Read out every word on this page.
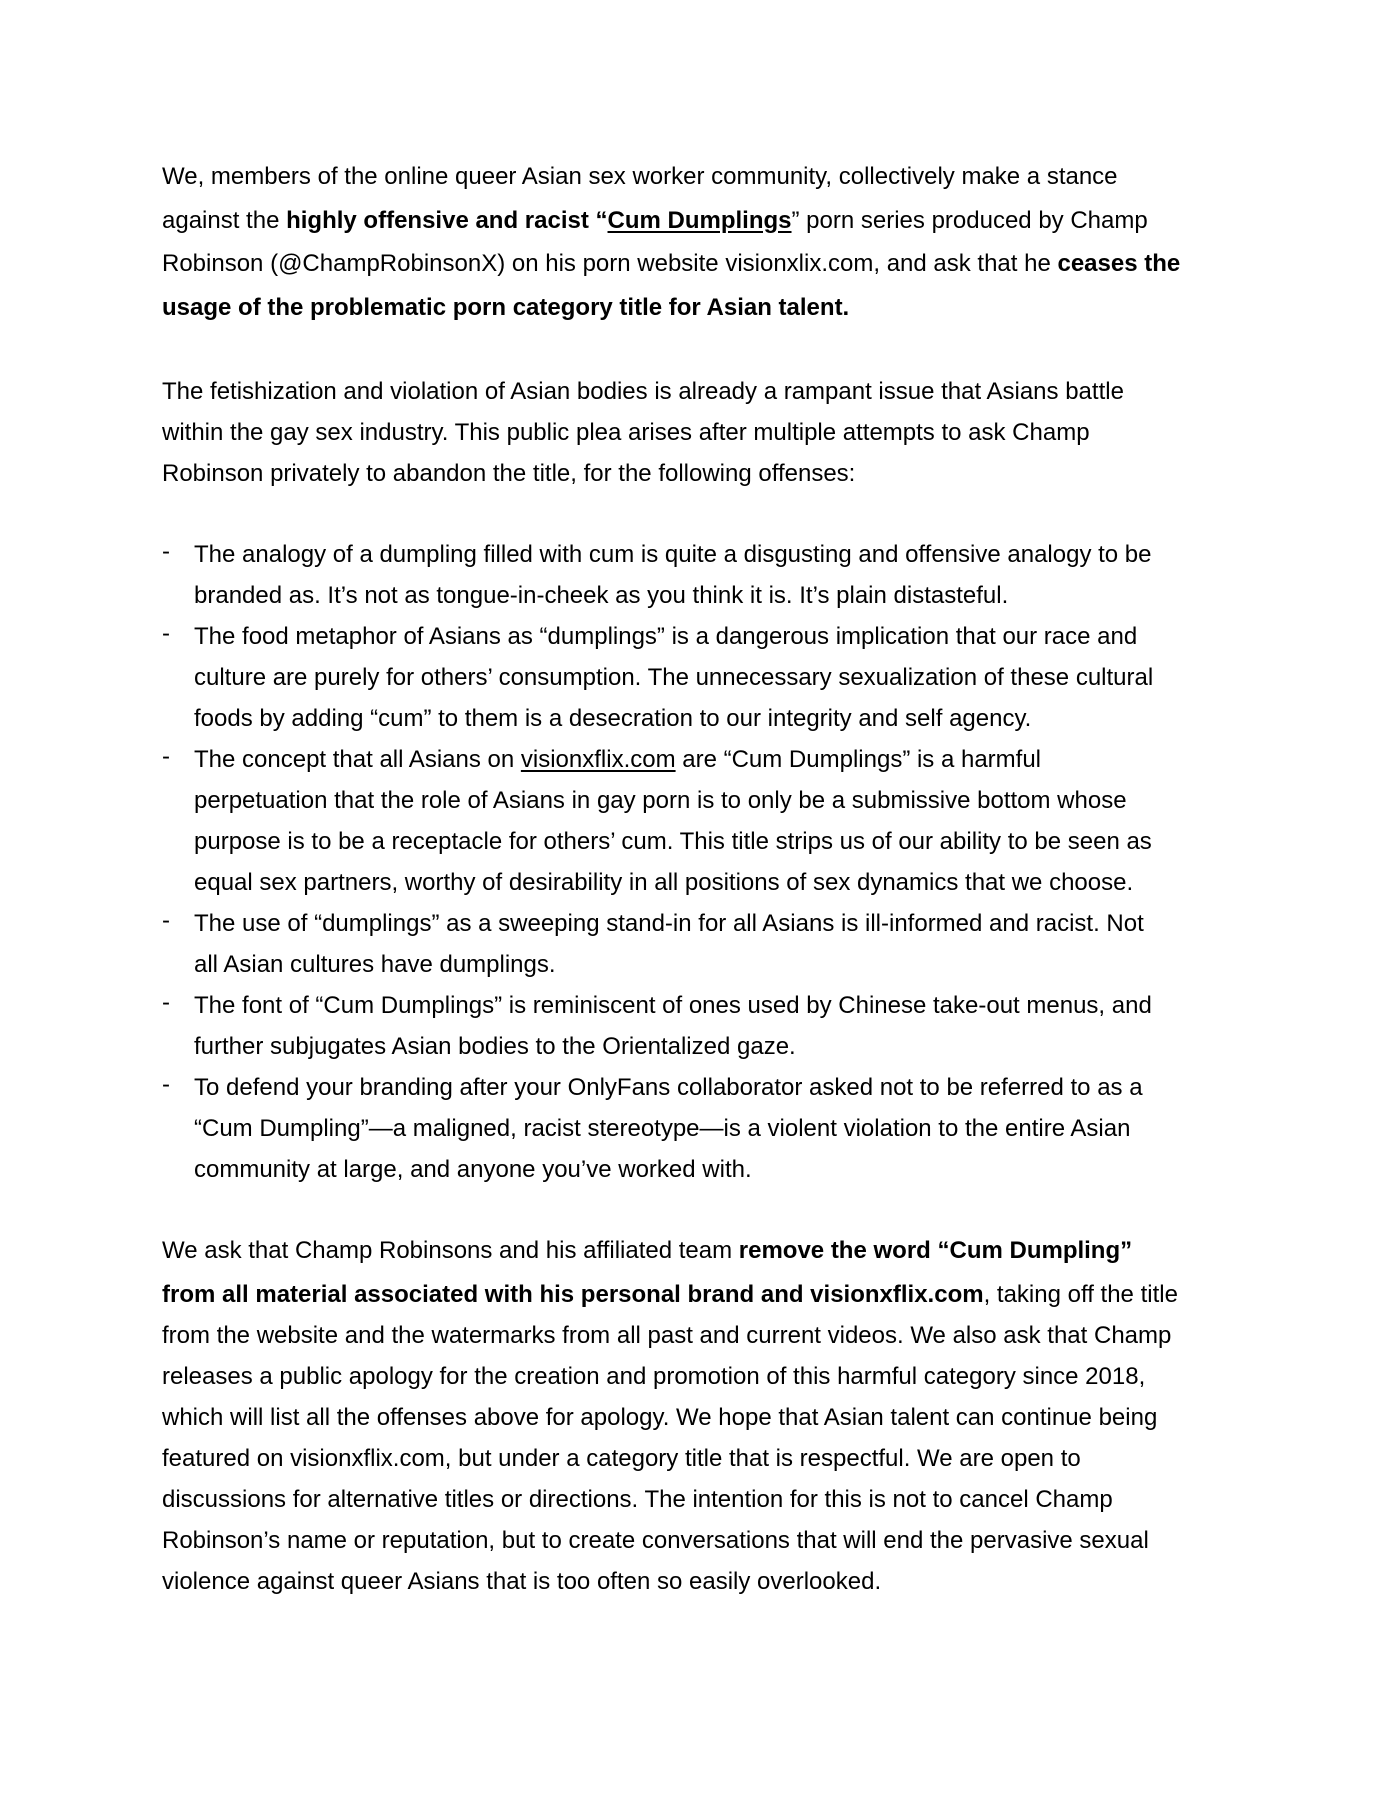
We, members of the online queer Asian sex worker community, collectively make a stance
against the highly offensive and racist “Cum Dumplings” porn series produced by Champ
Robinson (@ChampRobinsonX) on his porn website visionxlix.com, and ask that he ceases the
usage of the problematic porn category title for Asian talent.
The fetishization and violation of Asian bodies is already a rampant issue that Asians battle
within the gay sex industry. This public plea arises after multiple attempts to ask Champ
Robinson privately to abandon the title, for the following offenses:
- The analogy of a dumpling filled with cum is quite a disgusting and offensive analogy to be
branded as. It’s not as tongue-in-cheek as you think it is. It’s plain distasteful.
- The food metaphor of Asians as “dumplings” is a dangerous implication that our race and
culture are purely for others’ consumption. The unnecessary sexualization of these cultural
foods by adding “cum” to them is a desecration to our integrity and self agency.
- The concept that all Asians on visionxflix.com are “Cum Dumplings” is a harmful
perpetuation that the role of Asians in gay porn is to only be a submissive bottom whose
purpose is to be a receptacle for others’ cum. This title strips us of our ability to be seen as
equal sex partners, worthy of desirability in all positions of sex dynamics that we choose.
- The use of “dumplings” as a sweeping stand-in for all Asians is ill-informed and racist. Not
all Asian cultures have dumplings.
- The font of “Cum Dumplings” is reminiscent of ones used by Chinese take-out menus, and
further subjugates Asian bodies to the Orientalized gaze.
- To defend your branding after your OnlyFans collaborator asked not to be referred to as a
“Cum Dumpling”—a maligned, racist stereotype—is a violent violation to the entire Asian
community at large, and anyone you’ve worked with.
We ask that Champ Robinsons and his affiliated team remove the word “Cum Dumpling”
from all material associated with his personal brand and visionxflix.com, taking off the title
from the website and the watermarks from all past and current videos. We also ask that Champ
releases a public apology for the creation and promotion of this harmful category since 2018,
which will list all the offenses above for apology. We hope that Asian talent can continue being
featured on visionxflix.com, but under a category title that is respectful. We are open to
discussions for alternative titles or directions. The intention for this is not to cancel Champ
Robinson’s name or reputation, but to create conversations that will end the pervasive sexual
violence against queer Asians that is too often so easily overlooked.
